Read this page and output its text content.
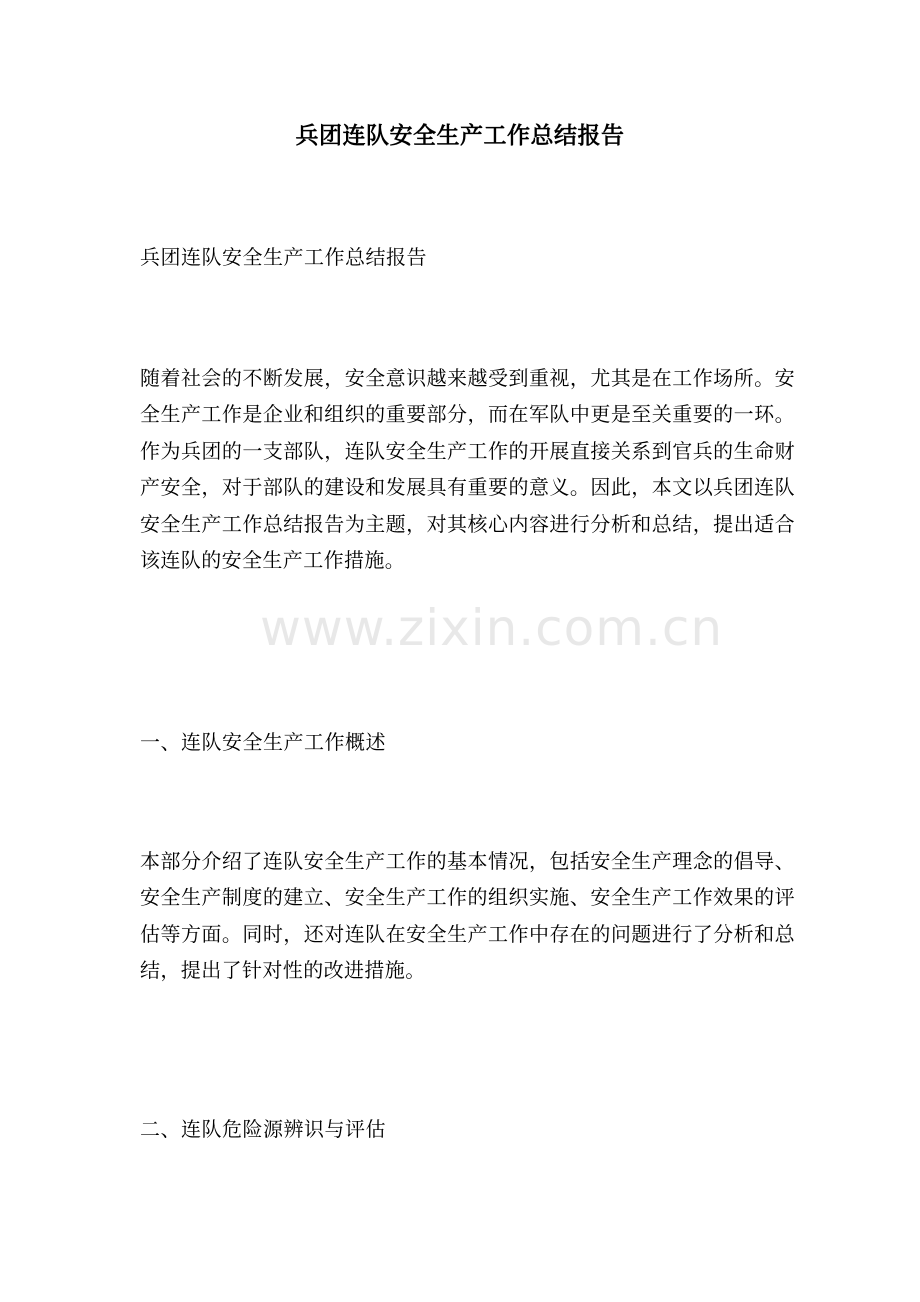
兵团连队安全生产工作总结报告
兵团连队安全生产工作总结报告
随着社会的不断发展，安全意识越来越受到重视，尤其是在工作场所。安全生产工作是企业和组织的重要部分，而在军队中更是至关重要的一环。作为兵团的一支部队，连队安全生产工作的开展直接关系到官兵的生命财产安全，对于部队的建设和发展具有重要的意义。因此，本文以兵团连队安全生产工作总结报告为主题，对其核心内容进行分析和总结，提出适合该连队的安全生产工作措施。
一、连队安全生产工作概述
本部分介绍了连队安全生产工作的基本情况，包括安全生产理念的倡导、安全生产制度的建立、安全生产工作的组织实施、安全生产工作效果的评估等方面。同时，还对连队在安全生产工作中存在的问题进行了分析和总结，提出了针对性的改进措施。
二、连队危险源辨识与评估
www.zixin.com.cn
